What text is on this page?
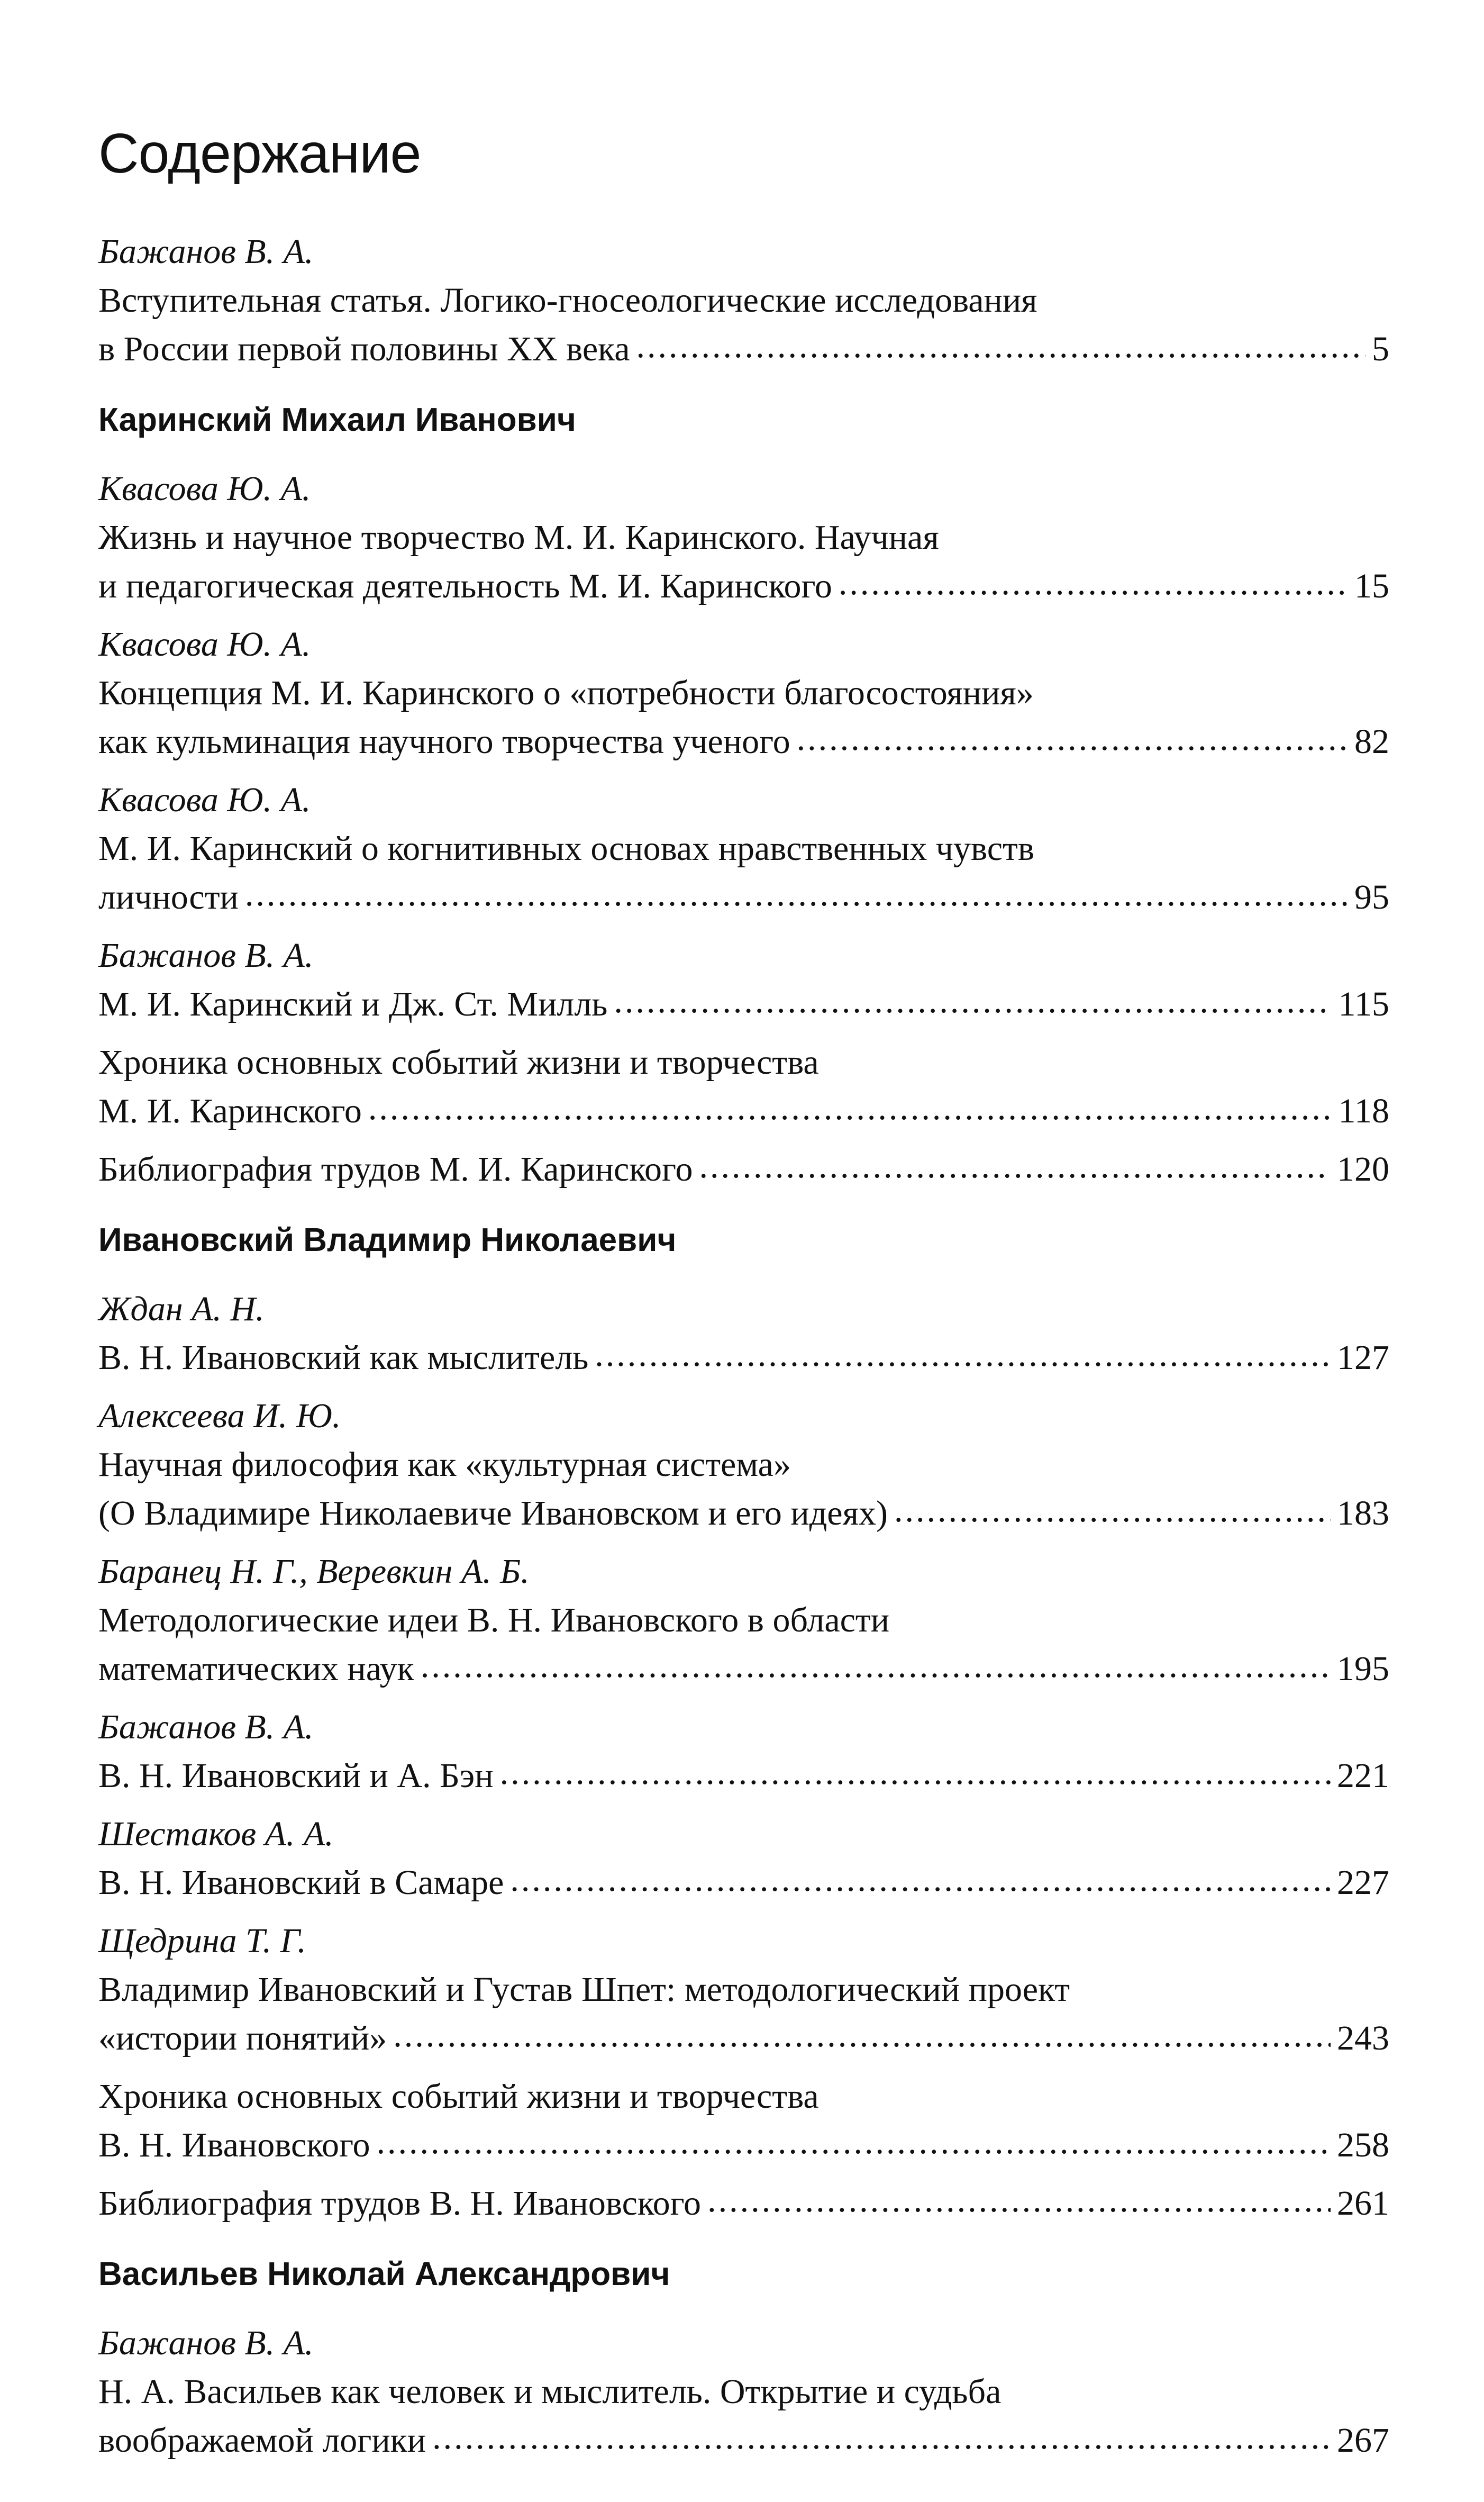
Содержание
Бажанов В. А.
Вступительная статья. Логико-гносеологические исследования
в России первой половины XX века .....	5
Каринский Михаил Иванович
Квасова Ю. А.
Жизнь и научное творчество М. И. Каринского. Научная
и педагогическая деятельность М. И. Каринского .....	15
Квасова Ю. А.
Концепция М. И. Каринского о «потребности благосостояния»
как кульминация научного творчества ученого .....	82
Квасова Ю. А.
М. И. Каринский о когнитивных основах нравственных чувств
личности .....	95
Бажанов В. А.
М. И. Каринский и Дж. Ст. Милль .....	115
Хроника основных событий жизни и творчества
М. И. Каринского .....	118
Библиография трудов М. И. Каринского .....	120
Ивановский Владимир Николаевич
Ждан А. Н.
В. Н. Ивановский как мыслитель .....	127
Алексеева И. Ю.
Научная философия как «культурная система»
(О Владимире Николаевиче Ивановском и его идеях) .....	183
Баранец Н. Г., Веревкин А. Б.
Методологические идеи В. Н. Ивановского в области
математических наук .....	195
Бажанов В. А.
В. Н. Ивановский и А. Бэн .....	221
Шестаков А. А.
В. Н. Ивановский в Самаре .....	227
Щедрина Т. Г.
Владимир Ивановский и Густав Шпет: методологический проект
«истории понятий» .....	243
Хроника основных событий жизни и творчества
В. Н. Ивановского .....	258
Библиография трудов В. Н. Ивановского .....	261
Васильев Николай Александрович
Бажанов В. А.
Н. А. Васильев как человек и мыслитель. Открытие и судьба
воображаемой логики .....	267
